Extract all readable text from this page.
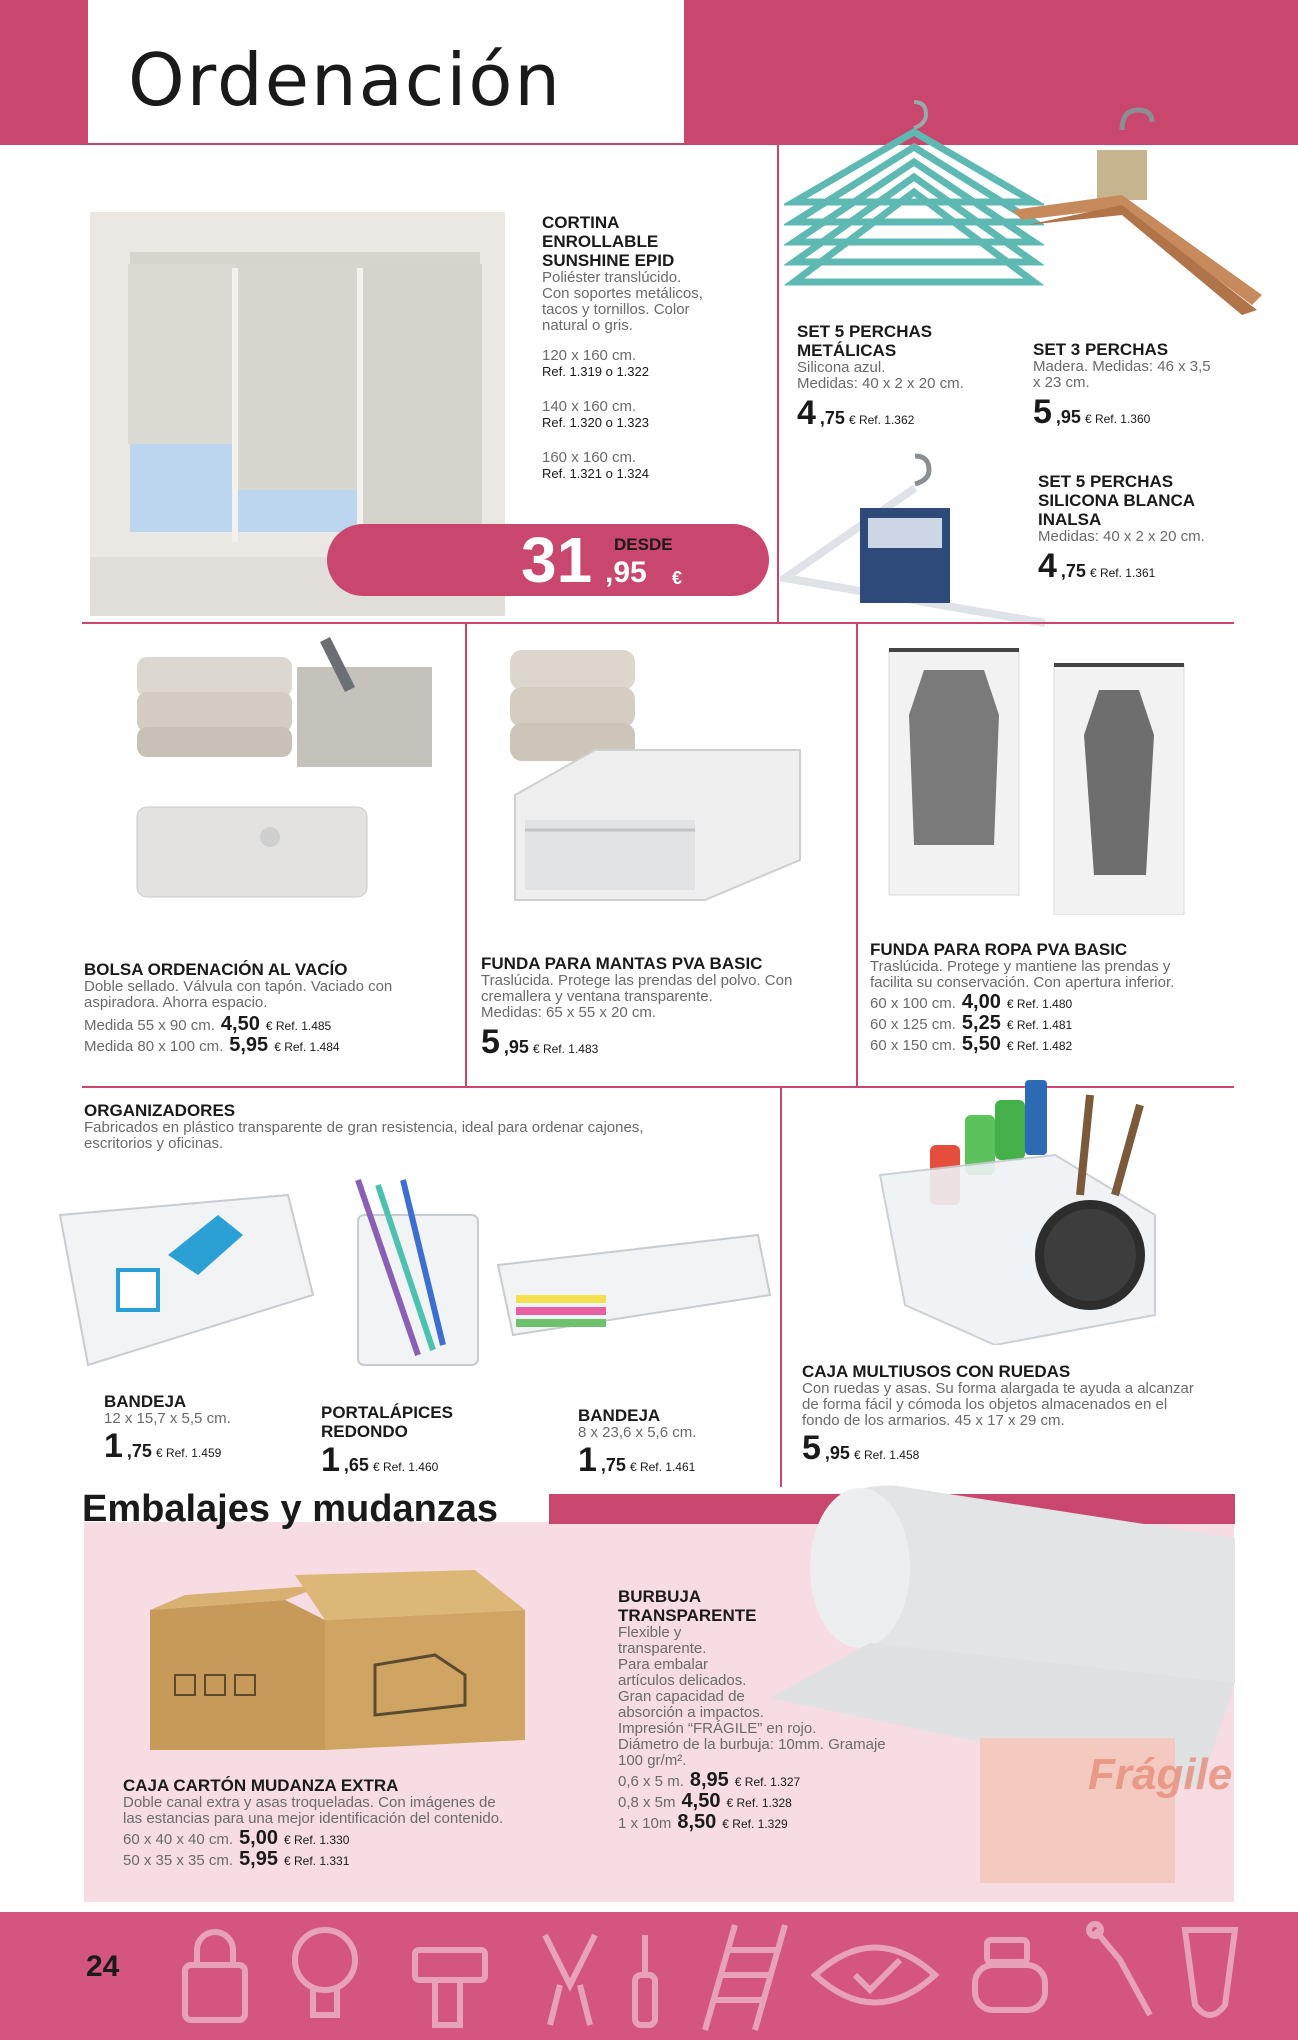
Ordenación
CORTINA
ENROLLABLE
SUNSHINE EPID
Poliéster translúcido.
Con soportes metálicos,
tacos y tornillos. Color
natural o gris.
120 x 160 cm.
Ref. 1.319 o 1.322
140 x 160 cm.
Ref. 1.320 o 1.323
160 x 160 cm.
Ref. 1.321 o 1.324
31 DESDE
,95 €
SET 5 PERCHAS
METÁLICAS
Silicona azul.
Medidas: 40 x 2 x 20 cm.
4 ,75 € Ref. 1.362
SET 3 PERCHAS
Madera. Medidas: 46 x 3,5
x 23 cm.
5 ,95 € Ref. 1.360
SET 5 PERCHAS
SILICONA BLANCA
INALSA
Medidas: 40 x 2 x 20 cm.
4 ,75 € Ref. 1.361
BOLSA ORDENACIÓN AL VACÍO
Doble sellado. Válvula con tapón. Vaciado con
aspiradora. Ahorra espacio.
Medida 55 x 90 cm. 4,50 € Ref. 1.485
Medida 80 x 100 cm. 5,95 € Ref. 1.484
FUNDA PARA MANTAS PVA BASIC
Traslúcida. Protege las prendas del polvo. Con
cremallera y ventana transparente.
Medidas: 65 x 55 x 20 cm.
5 ,95 € Ref. 1.483
FUNDA PARA ROPA PVA BASIC
Traslúcida. Protege y mantiene las prendas y
facilita su conservación. Con apertura inferior.
60 x 100 cm. 4,00 € Ref. 1.480
60 x 125 cm. 5,25 € Ref. 1.481
60 x 150 cm. 5,50 € Ref. 1.482
ORGANIZADORES
Fabricados en plástico transparente de gran resistencia, ideal para ordenar cajones,
escritorios y oficinas.
BANDEJA
12 x 15,7 x 5,5 cm.
1 ,75 € Ref. 1.459
PORTALÁPICES
REDONDO
1 ,65 € Ref. 1.460
BANDEJA
8 x 23,6 x 5,6 cm.
1 ,75 € Ref. 1.461
CAJA MULTIUSOS CON RUEDAS
Con ruedas y asas. Su forma alargada te ayuda a alcanzar
de forma fácil y cómoda los objetos almacenados en el
fondo de los armarios. 45 x 17 x 29 cm.
5 ,95 € Ref. 1.458
Embalajes y mudanzas
CAJA CARTÓN MUDANZA EXTRA
Doble canal extra y asas troqueladas. Con imágenes de
las estancias para una mejor identificación del contenido.
60 x 40 x 40 cm. 5,00 € Ref. 1.330
50 x 35 x 35 cm. 5,95 € Ref. 1.331
Frágile
BURBUJA
TRANSPARENTE
Flexible y
transparente.
Para embalar
artículos delicados.
Gran capacidad de
absorción a impactos.
Impresión “FRÁGILE” en rojo.
Diámetro de la burbuja: 10mm. Gramaje
100 gr/m².
0,6 x 5 m. 8,95 € Ref. 1.327
0,8 x 5m 4,50 € Ref. 1.328
1 x 10m 8,50 € Ref. 1.329
24
